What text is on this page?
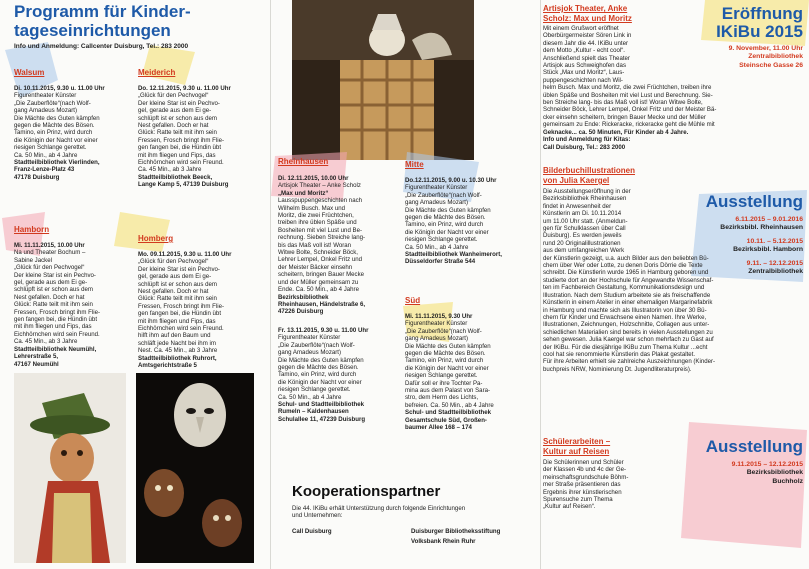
Programm für Kinder-
tageseinrichtungen
Info und Anmeldung: Callcenter Duisburg, Tel.: 283 2000
Walsum
Di. 10.11.2015, 9.30 u. 11.00 Uhr
Figurentheater Künster
„Die Zauberflöte“(nach Wolf-
gang Amadeus Mozart)
Die Mächte des Guten kämpfen
gegen die Mächte des Bösen.
Tamino, ein Prinz, wird durch
die Königin der Nacht vor einer
riesigen Schlange gerettet.
Ca. 50 Min., ab 4 Jahre
Stadtteilbibliothek Vierlinden,
Franz-Lenze-Platz 43
47178 Duisburg
Meiderich
Do. 12.11.2015, 9.30 u. 11.00 Uhr
„Glück für den Pechvogel“
Der kleine Star ist ein Pechvo-
gel, gerade aus dem Ei ge-
schlüpft ist er schon aus dem
Nest gefallen. Doch er hat
Glück: Ratte teilt mit ihm sein
Fressen, Frosch bringt ihm Flie-
gen fangen bei, die Hündin übt
mit ihm fliegen und Fips, das
Eichhörnchen wird sein Freund.
Ca. 45 Min., ab 3 Jahre
Stadtteilbibliothek Beeck,
Lange Kamp 5, 47139 Duisburg
Hamborn
Mi. 11.11.2015, 10.00 Uhr
Na und Theater Bochum –
Sabine Jackel
„Glück für den Pechvogel“
Der kleine Star ist ein Pechvo-
gel, gerade aus dem Ei ge-
schlüpft ist er schon aus dem
Nest gefallen. Doch er hat
Glück: Ratte teilt mit ihm sein
Fressen, Frosch bringt ihm Flie-
gen fangen bei, die Hündin übt
mit ihm fliegen und Fips, das
Eichhörnchen wird sein Freund.
Ca. 45 Min., ab 3 Jahre
Stadtteilbibliothek Neumühl,
Lehrerstraße 5,
47167 Neumühl
Homberg
Mo. 09.11.2015, 9.30 u. 11.00 Uhr
„Glück für den Pechvogel“
Der kleine Star ist ein Pechvo-
gel, gerade aus dem Ei ge-
schlüpft ist er schon aus dem
Nest gefallen. Doch er hat
Glück: Ratte teilt mit ihm sein
Fressen, Frosch bringt ihm Flie-
gen fangen bei, die Hündin übt
mit ihm fliegen und Fips, das
Eichhörnchen wird sein Freund.
hilft ihm auf den Baum und
schläft jede Nacht bei ihm im
Nest. Ca. 45 Min., ab 3 Jahre
Stadtteilbibliothek Ruhrort,
Amtsgerichtstraße 5
Rheinhausen
Di. 12.11.2015, 10.00 Uhr
Artisjok Theater – Anke Scholz
„Max und Moritz“
Lausspuppengeschichten nach
Wilhelm Busch. Max und
Moritz, die zwei Früchtchen,
treiben ihre üblen Späße und
Bosheiten mit viel Lust und Be-
rechnung. Sieben Streiche lang-
bis das Maß voll ist! Woran
Witwe Bolte, Schneider Böck,
Lehrer Lempel, Onkel Fritz und
der Meister Bäcker einsehn
scheitern, bringen Bauer Mecke
und der Müller gemeinsam zu
Ende. Ca. 50 Min., ab 4 Jahre
Bezirksbibliothek
Rheinhausen, Händelstraße 6,
47226 Duisburg
Mitte
Do.12.11.2015, 9.00 u. 10.30 Uhr
Figurentheater Künster
„Die Zauberflöte“(nach Wolf-
gang Amadeus Mozart)
Die Mächte des Guten kämpfen
gegen die Mächte des Bösen.
Tamino, ein Prinz, wird durch
die Königin der Nacht vor einer
riesigen Schlange gerettet.
Ca. 50 Min., ab 4 Jahre
Stadtteilbibliothek Wanheimerort,
Düsseldorfer Straße 544
Fr. 13.11.2015, 9.30 u. 11.00 Uhr
Figurentheater Künster
„Die Zauberflöte“(nach Wolf-
gang Amadeus Mozart)
Die Mächte des Guten kämpfen
gegen die Mächte des Bösen.
Tamino, ein Prinz, wird durch
die Königin der Nacht vor einer
riesigen Schlange gerettet.
Ca. 50 Min., ab 4 Jahre
Schul- und Stadtteilbibliothek
Rumeln – Kaldenhausen
Schulallee 11, 47239 Duisburg
Süd
Mi. 11.11.2015, 9.30 Uhr
Figurentheater Künster
„Die Zauberflöte“(nach Wolf-
gang Amadeus Mozart)
Die Mächte des Guten kämpfen
gegen die Mächte des Bösen.
Tamino, ein Prinz, wird durch
die Königin der Nacht vor einer
riesigen Schlange gerettet.
Dafür soll er ihre Tochter Pa-
mina aus dem Palast von Sara-
stro, dem Herrn des Lichts,
befreien. Ca. 50 Min., ab 4 Jahre
Schul- und Stadtteilbibliothek
Gesamtschule Süd, Großen-
baumer Allee 168 – 174
Kooperationspartner
Die 44. IKiBu erhält Unterstützung durch folgende Einrichtungen
und Unternehmen:
Call Duisburg	Duisburger Bibliotheksstiftung
Volksbank Rhein Ruhr
Artisjok Theater, Anke
Scholz: Max und Moritz
Mit einem Grußwort eröffnet
Oberbürgermeister Sören Link in
diesem Jahr die 44. IKiBu unter
dem Motto „Kultur - echt cool“.
Anschließend spielt das Theater
Artisjok aus Schweighofen das
Stück „Max und Moritz“, Laus-
puppengeschichten nach Wil-
helm Busch. Max und Moritz, die zwei Früchtchen, treiben ihre
üblen Späße und Bosheiten mit viel Lust und Berechnung. Sie-
ben Streiche lang- bis das Maß voll ist! Woran Witwe Bolte,
Schneider Böck, Lehrer Lempel, Onkel Fritz und der Meister Bä-
cker einsehn scheitern, bringen Bauer Mecke und der Müller
gemeinsam zu Ende: Rickeracke, rickeracke geht die Mühle mit
Geknacke... ca. 50 Minuten, Für Kinder ab 4 Jahre.
Info und Anmeldung für Kitas:
Call Duisburg, Tel.: 283 2000
Eröffnung
IKiBu 2015
9. November, 11.00 Uhr
Zentralbibliothek
Steinsche Gasse 26
Bilderbuchillustrationen
von Julia Kaergel
Die Ausstellungseröffnung in der
Bezirksbibliothek Rheinhausen
findet in Anwesenheit der
Künstlerin am Di. 10.11.2014
um 11.00 Uhr statt. (Anmeldun-
gen für Schulklassen über Call
Duisburg). Es werden jeweils
rund 20 Originalillustrationen
aus dem umfangreichen Werk
der Künstlerin gezeigt, u.a. auch Bilder aus den beliebten Bü-
chern über Wer oder Lotte, zu denen Doris Dörrie die Texte
schreibt. Die Künstlerin wurde 1965 in Hamburg geboren und
studierte dort an der Hochschule für Angewandte Wissenschaf-
ten im Fachbereich Gestaltung, Kommunikationsdesign und
Illustration. Nach dem Studium arbeitete sie als freischaffende
Künstlerin in einem Atelier in einer ehemaligen Margarinefabrik
in Hamburg und machte sich als Illustratorin von über 30 Bü-
chern für Kinder und Erwachsene einen Namen. Ihre Werke,
Illustrationen, Zeichnungen, Holzschnitte, Collagen aus unter-
schiedlichen Materialien sind bereits in vielen Ausstellungen zu
sehen gewesen. Julia Kaergel war schon mehrfach zu Gast auf
der IKiBu. Für die diesjährige IKiBu zum Thema Kultur ...echt
cool hat sie renommierte Künstlerin das Plakat gestaltet.
Für ihre Arbeiten erhielt sie zahlreiche Auszeichnungen (Kinder-
buchpreis NRW, Nominierung Dt. Jugendliteraturpreis).
Ausstellung
6.11.2015 – 9.01.2016
Bezirksbibl. Rheinhausen
10.11. – 5.12.2015
Bezirksbibl. Hamborn
9.11. – 12.12.2015
Zentralbibliothek
Schülerarbeiten –
Kultur auf Reisen
Die Schülerinnen und Schüler
der Klassen 4b und 4c der Ge-
meinschaftsgrundschule Böhm-
mer Straße präsentieren das
Ergebnis ihrer künstlerischen
Spurensuche zum Thema
„Kultur auf Reisen“.
Ausstellung
9.11.2015 – 12.12.2015
Bezirksbibliothek
Buchholz
